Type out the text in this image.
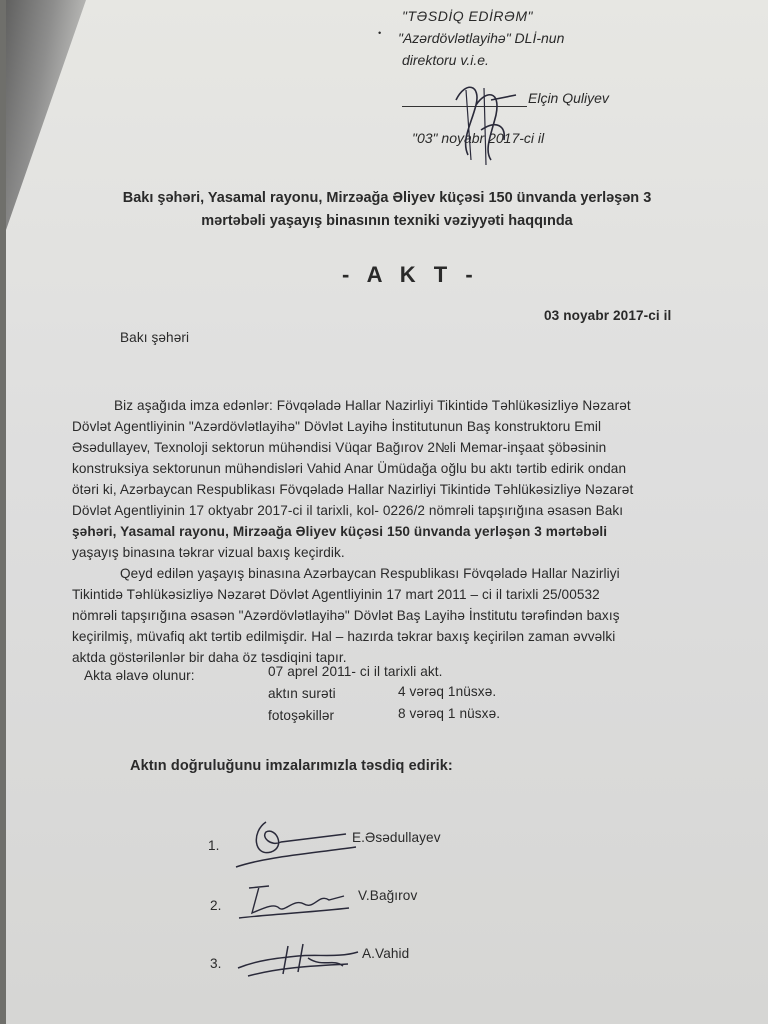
"TƏSDİQ EDİRƏM"
• "Azərdövlətlayihə" DLİ-nun
direktoru v.i.e.
Elçin Quliyev
"03" noyabr 2017-ci il
Bakı şəhəri, Yasamal rayonu, Mirzəağa Əliyev küçəsi 150 ünvanda yerləşən 3
mərtəbəli yaşayış binasının texniki vəziyyəti haqqında
- A K T -
Bakı şəhəri
03 noyabr 2017-ci il
Biz aşağıda imza edənlər: Fövqəladə Hallar Nazirliyi Tikintidə Təhlükəsizliyə Nəzarət
Dövlət Agentliyinin "Azərdövlətlayihə" Dövlət Layihə İnstitutunun Baş konstruktoru Emil
Əsədullayev, Texnoloji sektorun mühəndisi Vüqar Bağırov 2№li Memar-inşaat şöbəsinin
konstruksiya sektorunun mühəndisləri Vahid Anar Ümüdağa oğlu bu aktı tərtib edirik ondan
ötəri ki, Azərbaycan Respublikası Fövqəladə Hallar Nazirliyi Tikintidə Təhlükəsizliyə Nəzarət
Dövlət Agentliyinin 17 oktyabr 2017-ci il tarixli, kol- 0226/2 nömrəli tapşırığına əsasən Bakı
şəhəri, Yasamal rayonu, Mirzəağa Əliyev küçəsi 150 ünvanda yerləşən 3 mərtəbəli
yaşayış binasına təkrar vizual baxış keçirdik.
Qeyd edilən yaşayış binasına Azərbaycan Respublikası Fövqəladə Hallar Nazirliyi
Tikintidə Təhlükəsizliyə Nəzarət Dövlət Agentliyinin 17 mart 2011 – ci il tarixli 25/00532
nömrəli tapşırığına əsasən "Azərdövlətlayihə" Dövlət Baş Layihə İnstitutu tərəfindən baxış
keçirilmiş, müvafiq akt tərtib edilmişdir. Hal – hazırda təkrar baxış keçirilən zaman əvvəlki
aktda göstərilənlər bir daha öz təsdiqini tapır.
Akta əlavə olunur:	07 aprel 2011- ci il tarixli akt.
aktın surəti	4 vərəq 1nüsxə.
fotoşəkillər	8 vərəq 1 nüsxə.
Aktın doğruluğunu imzalarımızla təsdiq edirik:
1.
E.Əsədullayev
2.
V.Bağırov
3.
A.Vahid
